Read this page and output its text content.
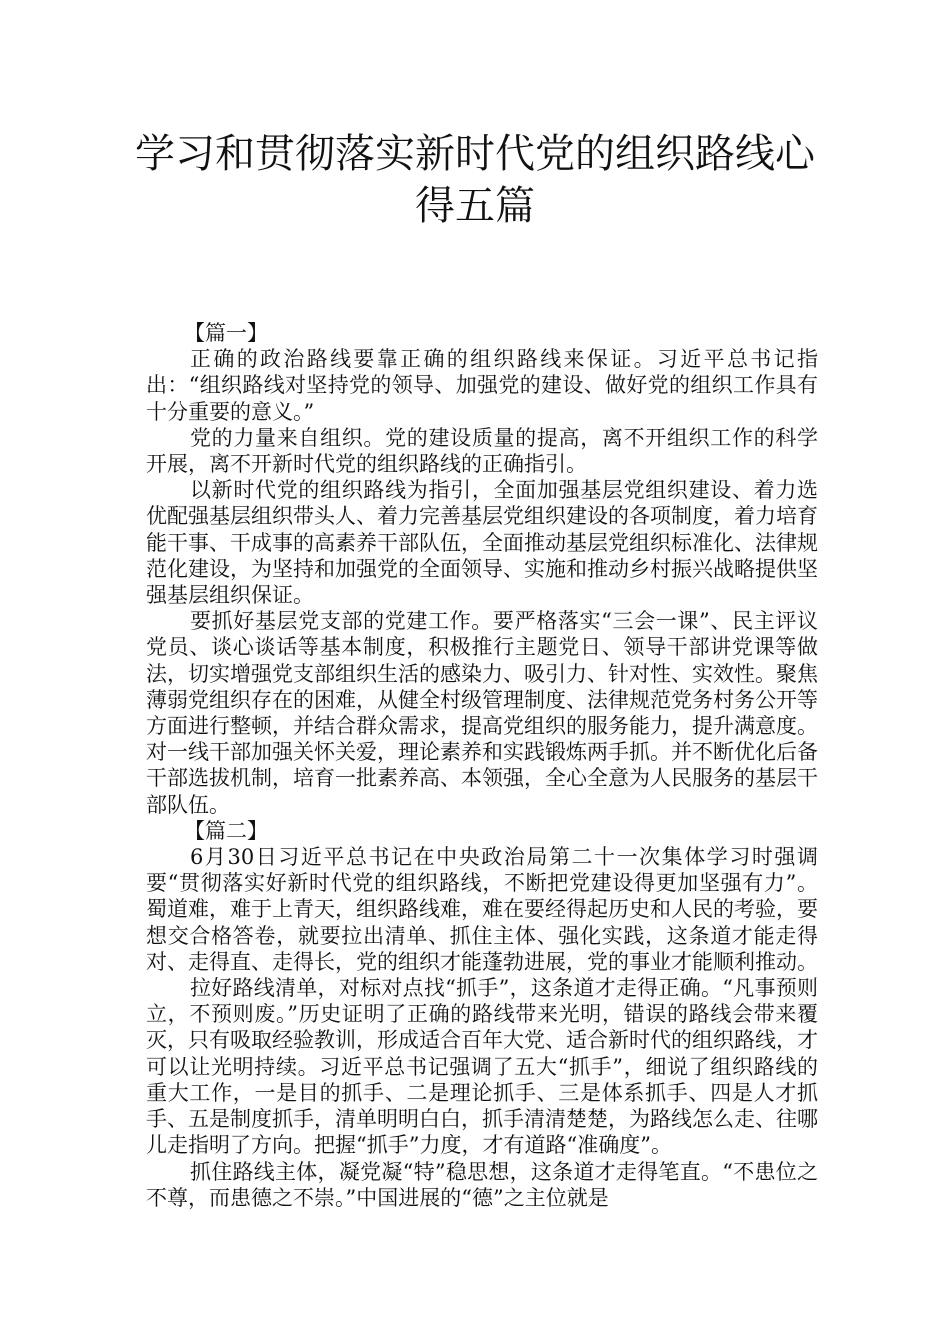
学习和贯彻落实新时代党的组织路线心得五篇

【篇一】

正确的政治路线要靠正确的组织路线来保证。习近平总书记指出：“组织路线对坚持党的领导、加强党的建设、做好党的组织工作具有十分重要的意义。”

党的力量来自组织。党的建设质量的提高，离不开组织工作的科学开展，离不开新时代党的组织路线的正确指引。

以新时代党的组织路线为指引，全面加强基层党组织建设、着力选优配强基层组织带头人、着力完善基层党组织建设的各项制度，着力培育能干事、干成事的高素养干部队伍，全面推动基层党组织标准化、法律规范化建设，为坚持和加强党的全面领导、实施和推动乡村振兴战略提供坚强基层组织保证。

要抓好基层党支部的党建工作。要严格落实“三会一课”、民主评议党员、谈心谈话等基本制度，积极推行主题党日、领导干部讲党课等做法，切实增强党支部组织生活的感染力、吸引力、针对性、实效性。聚焦薄弱党组织存在的困难，从健全村级管理制度、法律规范党务村务公开等方面进行整顿，并结合群众需求，提高党组织的服务能力，提升满意度。对一线干部加强关怀关爱，理论素养和实践锻炼两手抓。并不断优化后备干部选拔机制，培育一批素养高、本领强，全心全意为人民服务的基层干部队伍。

【篇二】

6月30日习近平总书记在中央政治局第二十一次集体学习时强调要“贯彻落实好新时代党的组织路线，不断把党建设得更加坚强有力”。蜀道难，难于上青天，组织路线难，难在要经得起历史和人民的考验，要想交合格答卷，就要拉出清单、抓住主体、强化实践，这条道才能走得对、走得直、走得长，党的组织才能蓬勃进展，党的事业才能顺利推动。

拉好路线清单，对标对点找“抓手”，这条道才走得正确。“凡事预则立，不预则废。”历史证明了正确的路线带来光明，错误的路线会带来覆灭，只有吸取经验教训，形成适合百年大党、适合新时代的组织路线，才可以让光明持续。习近平总书记强调了五大“抓手”，细说了组织路线的重大工作，一是目的抓手、二是理论抓手、三是体系抓手、四是人才抓手、五是制度抓手，清单明明白白，抓手清清楚楚，为路线怎么走、往哪儿走指明了方向。把握“抓手”力度，才有道路“准确度”。

抓住路线主体，凝党凝“特”稳思想，这条道才走得笔直。“不患位之不尊，而患德之不崇。”中国进展的“德”之主位就是
